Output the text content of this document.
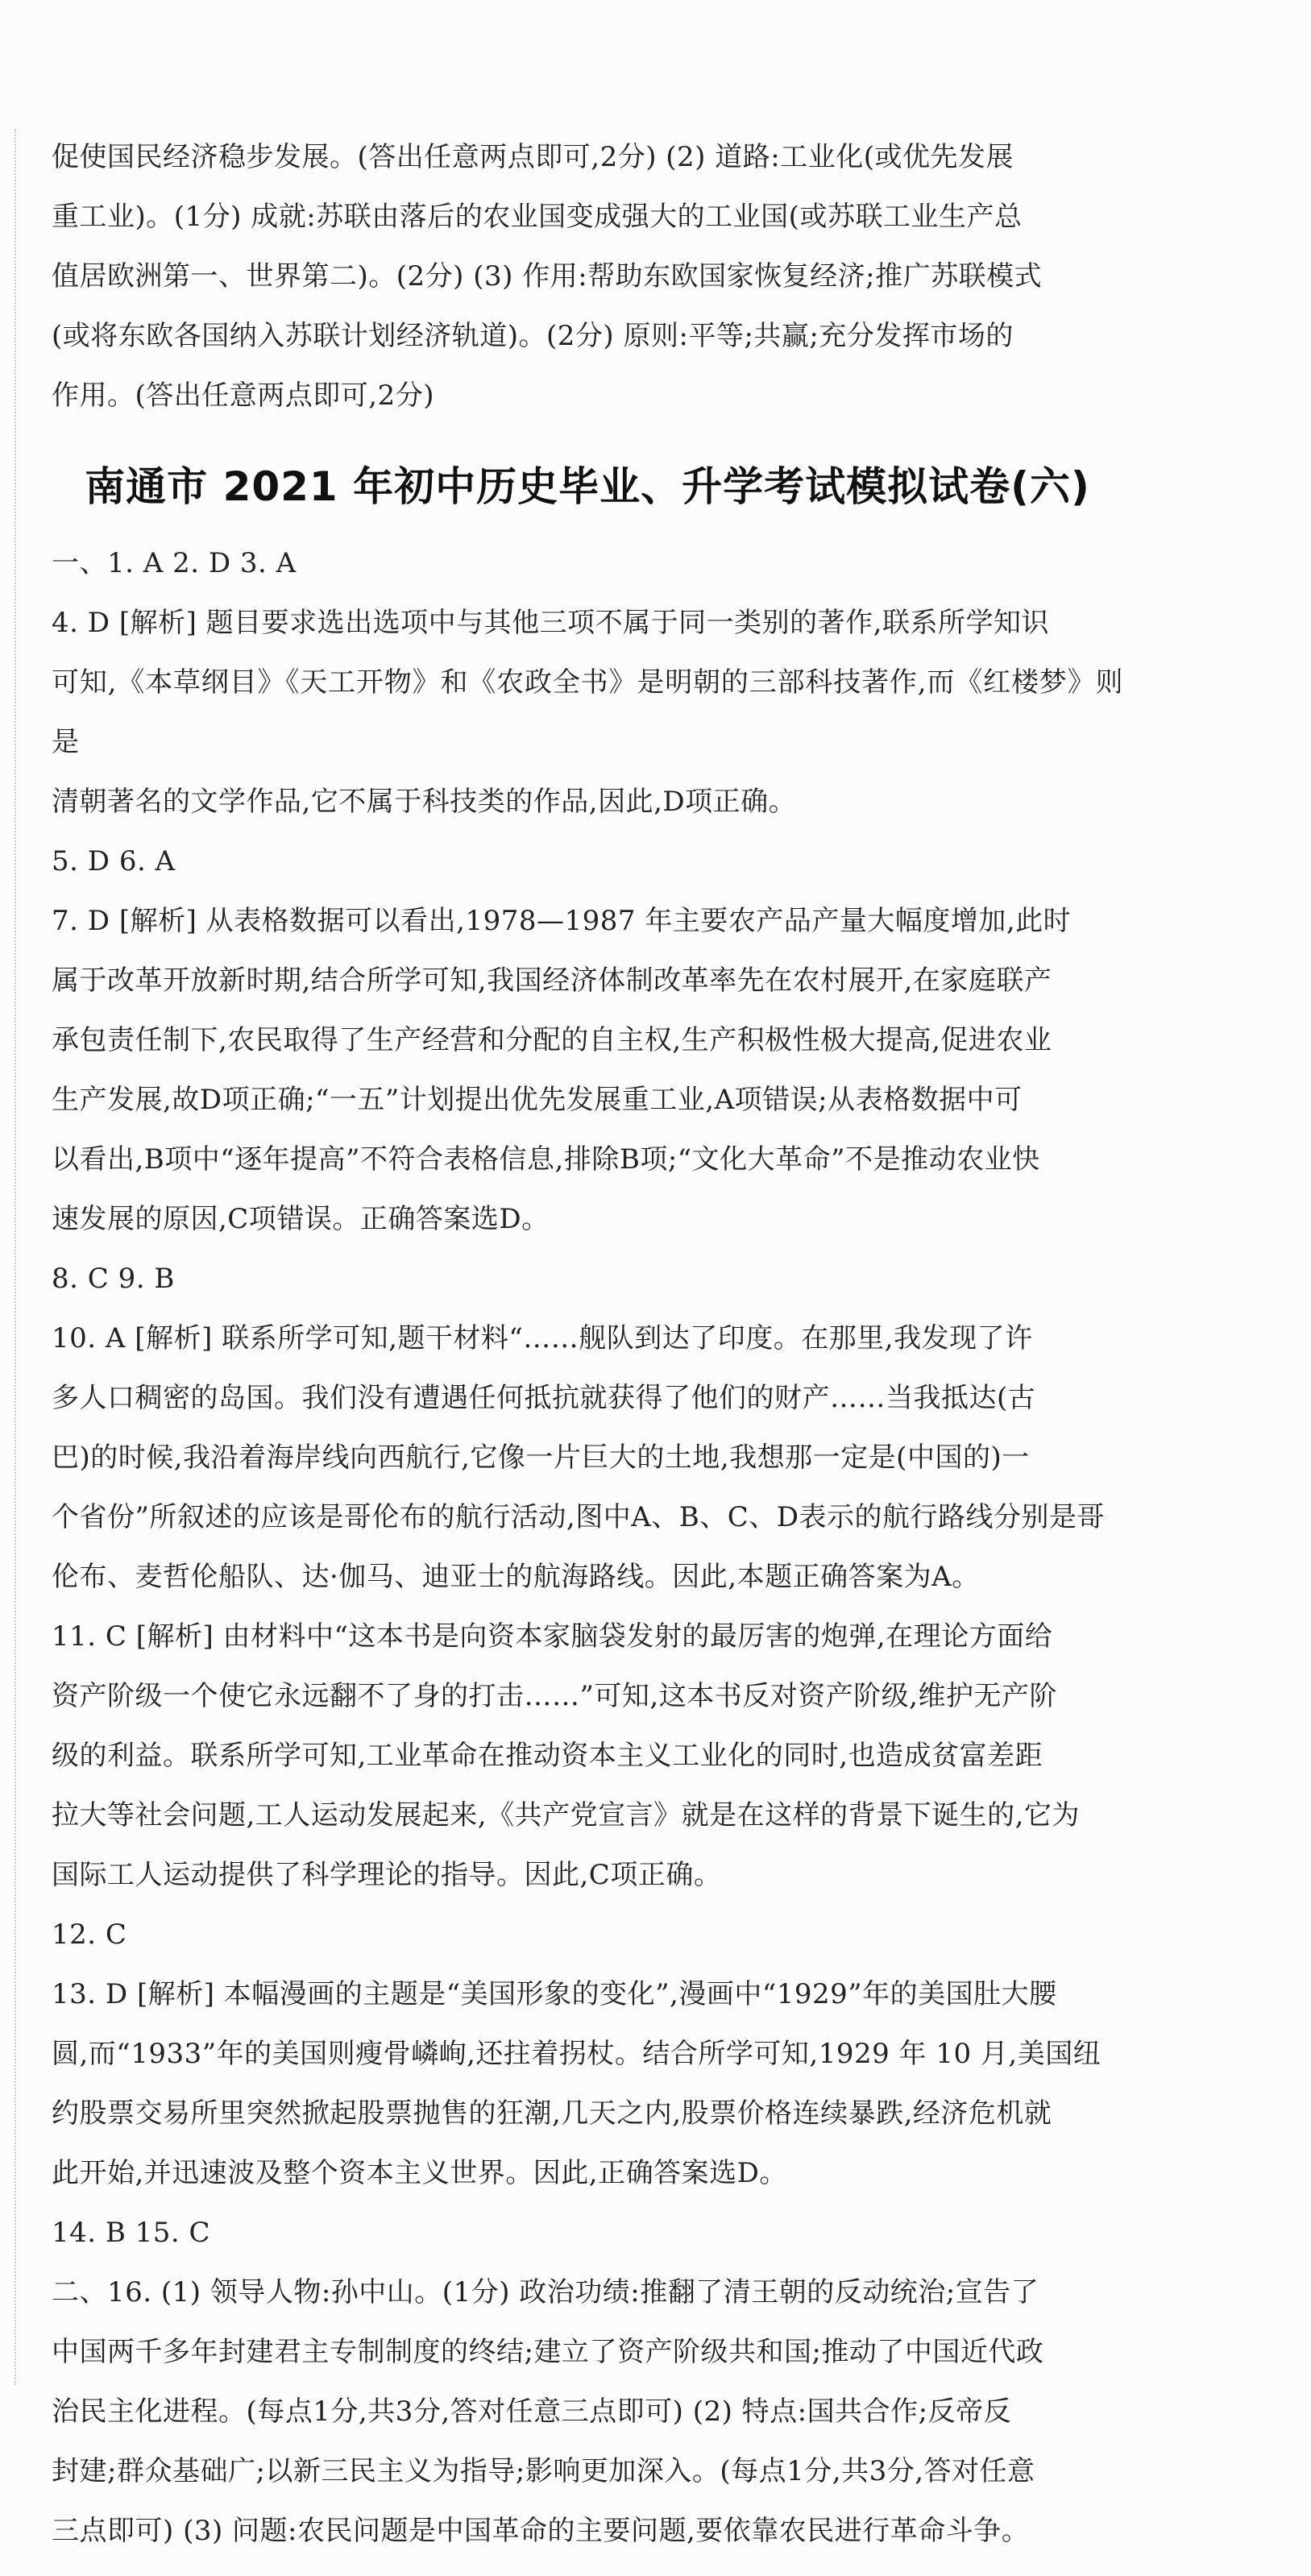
促使国民经济稳步发展。(答出任意两点即可,2分) (2) 道路:工业化(或优先发展

重工业)。(1分) 成就:苏联由落后的农业国变成强大的工业国(或苏联工业生产总

值居欧洲第一、世界第二)。(2分) (3) 作用:帮助东欧国家恢复经济;推广苏联模式

(或将东欧各国纳入苏联计划经济轨道)。(2分) 原则:平等;共赢;充分发挥市场的

作用。(答出任意两点即可,2分)

南通市 2021 年初中历史毕业、升学考试模拟试卷(六)

一、1. A 2. D 3. A

4. D [解析] 题目要求选出选项中与其他三项不属于同一类别的著作,联系所学知识

可知,《本草纲目》《天工开物》和《农政全书》是明朝的三部科技著作,而《红楼梦》则是

清朝著名的文学作品,它不属于科技类的作品,因此,D项正确。

5. D 6. A

7. D [解析] 从表格数据可以看出,1978—1987 年主要农产品产量大幅度增加,此时

属于改革开放新时期,结合所学可知,我国经济体制改革率先在农村展开,在家庭联产

承包责任制下,农民取得了生产经营和分配的自主权,生产积极性极大提高,促进农业

生产发展,故D项正确;“一五”计划提出优先发展重工业,A项错误;从表格数据中可

以看出,B项中“逐年提高”不符合表格信息,排除B项;“文化大革命”不是推动农业快

速发展的原因,C项错误。正确答案选D。

8. C 9. B

10. A [解析] 联系所学可知,题干材料“……舰队到达了印度。在那里,我发现了许

多人口稠密的岛国。我们没有遭遇任何抵抗就获得了他们的财产……当我抵达(古

巴)的时候,我沿着海岸线向西航行,它像一片巨大的土地,我想那一定是(中国的)一

个省份”所叙述的应该是哥伦布的航行活动,图中A、B、C、D表示的航行路线分别是哥

伦布、麦哲伦船队、达·伽马、迪亚士的航海路线。因此,本题正确答案为A。

11. C [解析] 由材料中“这本书是向资本家脑袋发射的最厉害的炮弹,在理论方面给

资产阶级一个使它永远翻不了身的打击……”可知,这本书反对资产阶级,维护无产阶

级的利益。联系所学可知,工业革命在推动资本主义工业化的同时,也造成贫富差距

拉大等社会问题,工人运动发展起来,《共产党宣言》就是在这样的背景下诞生的,它为

国际工人运动提供了科学理论的指导。因此,C项正确。

12. C

13. D [解析] 本幅漫画的主题是“美国形象的变化”,漫画中“1929”年的美国肚大腰

圆,而“1933”年的美国则瘦骨嶙峋,还拄着拐杖。结合所学可知,1929 年 10 月,美国纽

约股票交易所里突然掀起股票抛售的狂潮,几天之内,股票价格连续暴跌,经济危机就

此开始,并迅速波及整个资本主义世界。因此,正确答案选D。

14. B 15. C

二、16. (1) 领导人物:孙中山。(1分) 政治功绩:推翻了清王朝的反动统治;宣告了

中国两千多年封建君主专制制度的终结;建立了资产阶级共和国;推动了中国近代政

治民主化进程。(每点1分,共3分,答对任意三点即可) (2) 特点:国共合作;反帝反

封建;群众基础广;以新三民主义为指导;影响更加深入。(每点1分,共3分,答对任意

三点即可) (3) 问题:农民问题是中国革命的主要问题,要依靠农民进行革命斗争。
